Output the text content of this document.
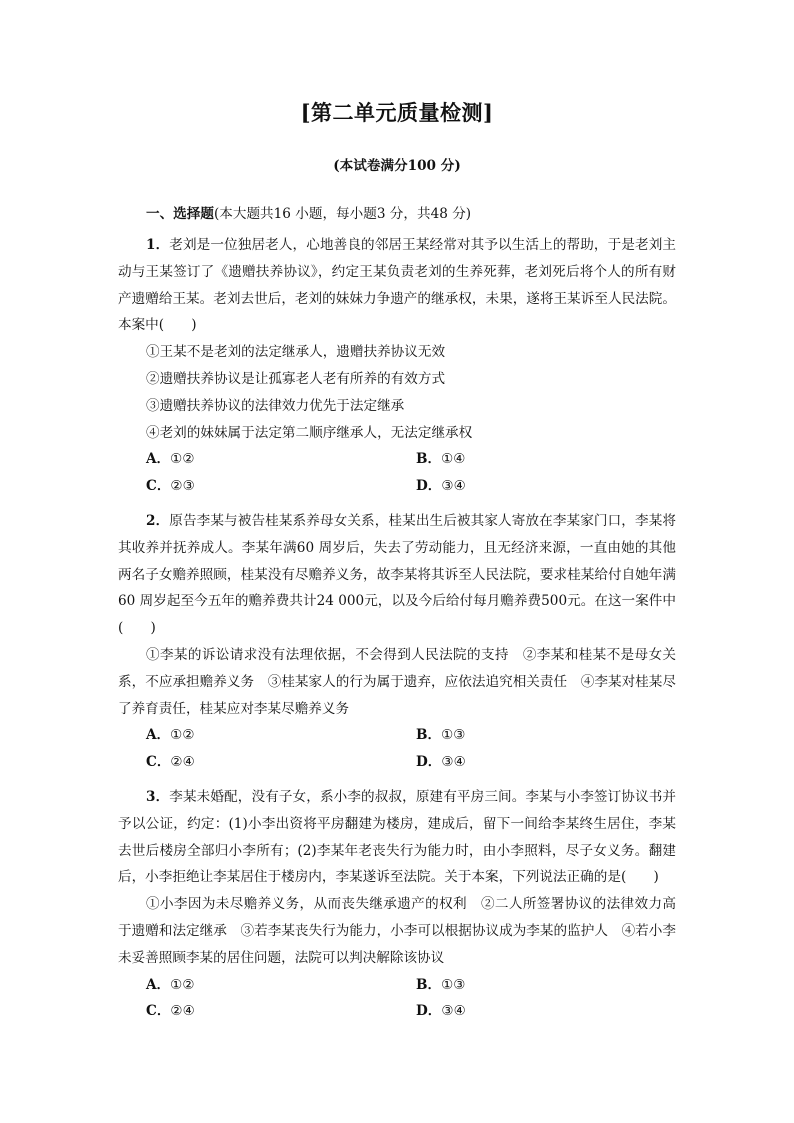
[第二单元质量检测]
(本试卷满分100 分)
一、选择题(本大题共16 小题，每小题3 分，共48 分)

1．老刘是一位独居老人，心地善良的邻居王某经常对其予以生活上的帮助，于是老刘主动与王某签订了《遗赠扶养协议》，约定王某负责老刘的生养死葬，老刘死后将个人的所有财产遗赠给王某。老刘去世后，老刘的妹妹力争遗产的继承权，未果，遂将王某诉至人民法院。本案中(　　)

①王某不是老刘的法定继承人，遗赠扶养协议无效

②遗赠扶养协议是让孤寡老人老有所养的有效方式

③遗赠扶养协议的法律效力优先于法定继承

④老刘的妹妹属于法定第二顺序继承人，无法定继承权

A．①②	B．①④
C．②③	D．③④

2．原告李某与被告桂某系养母女关系，桂某出生后被其家人寄放在李某家门口，李某将其收养并抚养成人。李某年满60 周岁后，失去了劳动能力，且无经济来源，一直由她的其他两名子女赡养照顾，桂某没有尽赡养义务，故李某将其诉至人民法院，要求桂某给付自她年满60 周岁起至今五年的赡养费共计24 000元，以及今后给付每月赡养费500元。在这一案件中(　　)

①李某的诉讼请求没有法理依据，不会得到人民法院的支持　②李某和桂某不是母女关系，不应承担赡养义务　③桂某家人的行为属于遗弃，应依法追究相关责任　④李某对桂某尽了养育责任，桂某应对李某尽赡养义务

A．①②	B．①③
C．②④	D．③④

3．李某未婚配，没有子女，系小李的叔叔，原建有平房三间。李某与小李签订协议书并予以公证，约定：(1)小李出资将平房翻建为楼房，建成后，留下一间给李某终生居住，李某去世后楼房全部归小李所有；(2)李某年老丧失行为能力时，由小李照料，尽子女义务。翻建后，小李拒绝让李某居住于楼房内，李某遂诉至法院。关于本案，下列说法正确的是(　　)

①小李因为未尽赡养义务，从而丧失继承遗产的权利　②二人所签署协议的法律效力高于遗赠和法定继承　③若李某丧失行为能力，小李可以根据协议成为李某的监护人　④若小李未妥善照顾李某的居住问题，法院可以判决解除该协议

A．①②	B．①③
C．②④	D．③④
